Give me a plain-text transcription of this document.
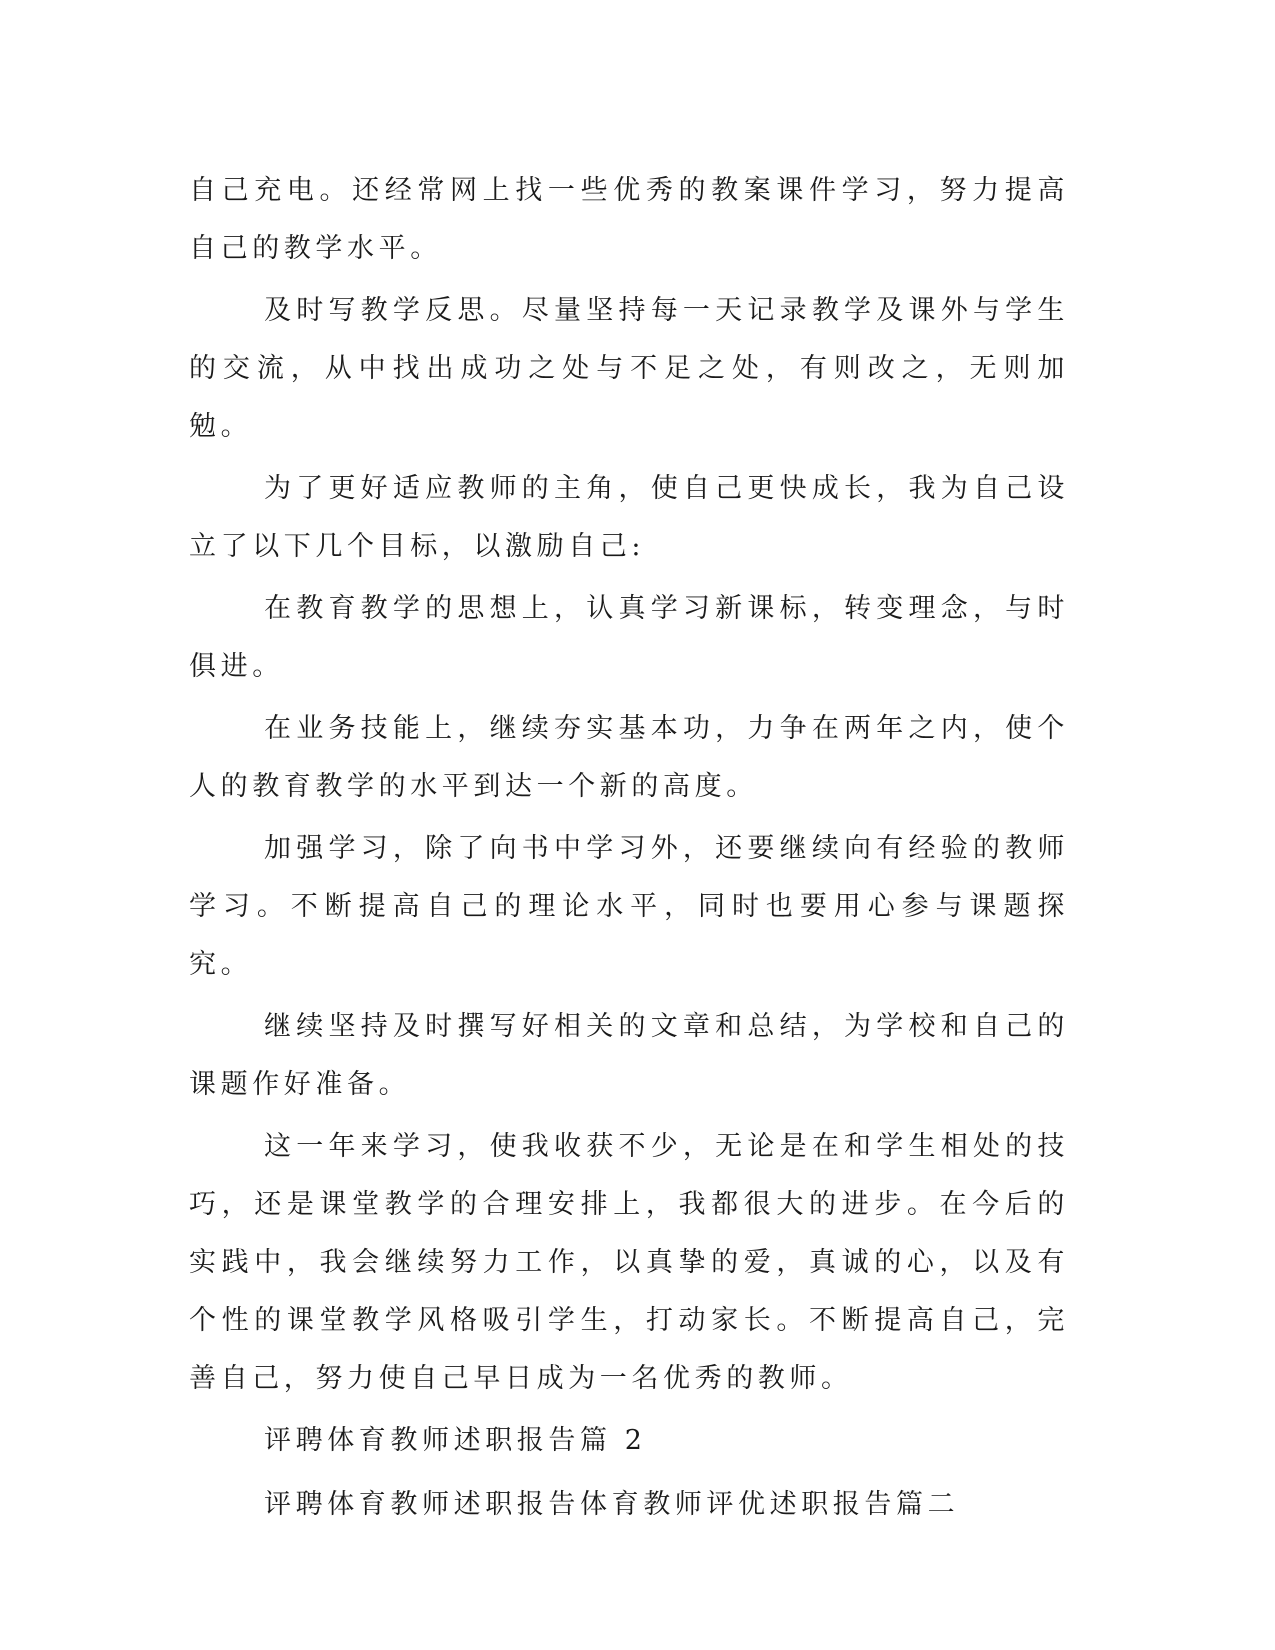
自己充电。还经常网上找一些优秀的教案课件学习，努力提高自己的教学水平。

及时写教学反思。尽量坚持每一天记录教学及课外与学生的交流，从中找出成功之处与不足之处，有则改之，无则加勉。

为了更好适应教师的主角，使自己更快成长，我为自己设立了以下几个目标，以激励自己:

在教育教学的思想上，认真学习新课标，转变理念，与时俱进。

在业务技能上，继续夯实基本功，力争在两年之内，使个人的教育教学的水平到达一个新的高度。

加强学习，除了向书中学习外，还要继续向有经验的教师学习。不断提高自己的理论水平，同时也要用心参与课题探究。

继续坚持及时撰写好相关的文章和总结，为学校和自己的课题作好准备。

这一年来学习，使我收获不少，无论是在和学生相处的技巧，还是课堂教学的合理安排上，我都很大的进步。在今后的实践中，我会继续努力工作，以真挚的爱，真诚的心，以及有个性的课堂教学风格吸引学生，打动家长。不断提高自己，完善自己，努力使自己早日成为一名优秀的教师。

评聘体育教师述职报告篇 2

评聘体育教师述职报告体育教师评优述职报告篇二
